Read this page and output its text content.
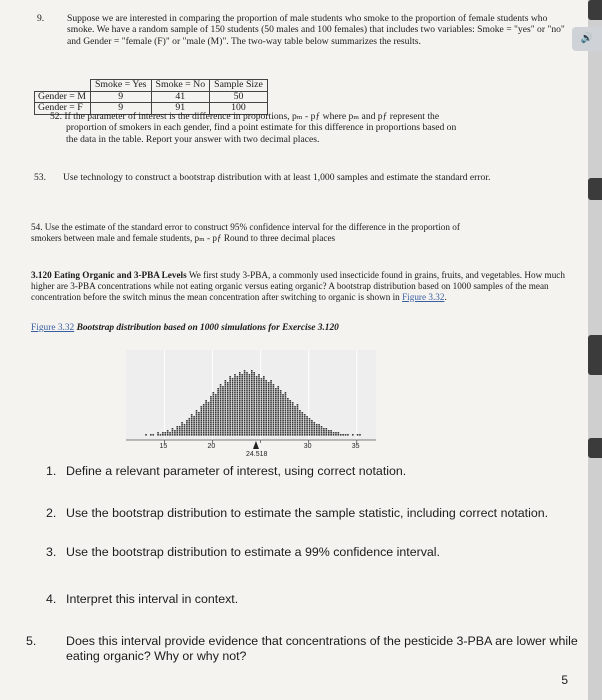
9. Suppose we are interested in comparing the proportion of male students who smoke to the proportion of female students who smoke. We have a random sample of 150 students (50 males and 100 females) that includes two variables: Smoke = "yes" or "no" and Gender = "female (F)" or "male (M)". The two-way table below summarizes the results.
	Smoke = Yes	Smoke = No	Sample Size
Gender = M	9	41	50
Gender = F	9	91	100
52. If the parameter of interest is the difference in proportions, pₘ - pƒ where pₘ and pƒ represent the
proportion of smokers in each gender, find a point estimate for this difference in proportions based on
the data in the table. Report your answer with two decimal places.
53. Use technology to construct a bootstrap distribution with at least 1,000 samples and estimate the standard error.
54. Use the estimate of the standard error to construct 95% confidence interval for the difference in the proportion of
smokers between male and female students, pₘ - pƒ Round to three decimal places
3.120 Eating Organic and 3-PBA Levels We first study 3-PBA, a commonly used insecticide found in grains, fruits, and vegetables. How much higher are 3-PBA concentrations while not eating organic versus eating organic? A bootstrap distribution based on 1000 samples of the mean concentration before the switch minus the mean concentration after switching to organic is shown in Figure 3.32.
Figure 3.32 Bootstrap distribution based on 1000 simulations for Exercise 3.120
15	20	30	35
24.518
1. Define a relevant parameter of interest, using correct notation.
2. Use the bootstrap distribution to estimate the sample statistic, including correct notation.
3. Use the bootstrap distribution to estimate a 99% confidence interval.
4. Interpret this interval in context.
5. Does this interval provide evidence that concentrations of the pesticide 3-PBA are lower while eating organic? Why or why not?
5
🔊
